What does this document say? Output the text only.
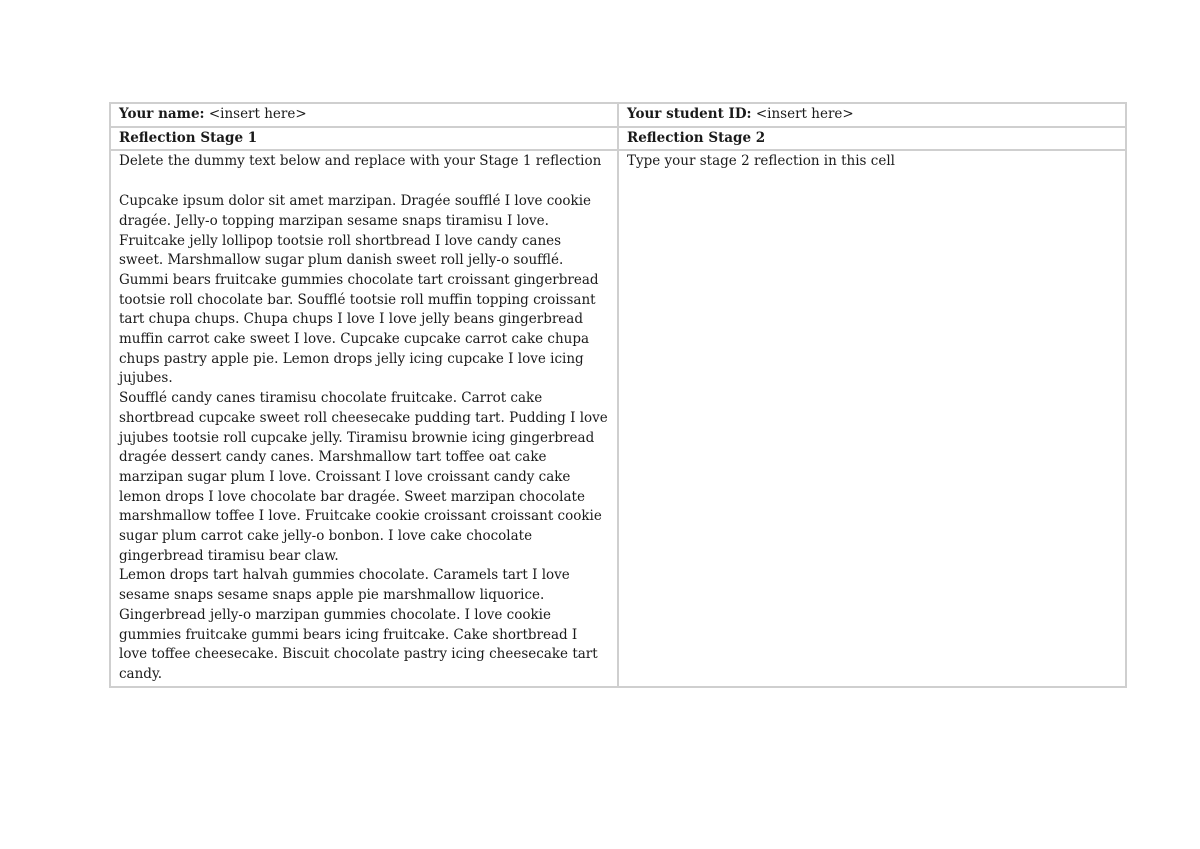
Your name: <insert here>	Your student ID: <insert here>
Reflection Stage 1	Reflection Stage 2

Delete the dummy text below and replace with your Stage 1 reflection

Cupcake ipsum dolor sit amet marzipan. Dragée soufflé I love cookie dragée. Jelly-o topping marzipan sesame snaps tiramisu I love. Fruitcake jelly lollipop tootsie roll shortbread I love candy canes sweet. Marshmallow sugar plum danish sweet roll jelly-o soufflé. Gummi bears fruitcake gummies chocolate tart croissant gingerbread tootsie roll chocolate bar. Soufflé tootsie roll muffin topping croissant tart chupa chups. Chupa chups I love I love jelly beans gingerbread muffin carrot cake sweet I love. Cupcake cupcake carrot cake chupa chups pastry apple pie. Lemon drops jelly icing cupcake I love icing jujubes.

Soufflé candy canes tiramisu chocolate fruitcake. Carrot cake shortbread cupcake sweet roll cheesecake pudding tart. Pudding I love jujubes tootsie roll cupcake jelly. Tiramisu brownie icing gingerbread dragée dessert candy canes. Marshmallow tart toffee oat cake marzipan sugar plum I love. Croissant I love croissant candy cake lemon drops I love chocolate bar dragée. Sweet marzipan chocolate marshmallow toffee I love. Fruitcake cookie croissant croissant cookie sugar plum carrot cake jelly-o bonbon. I love cake chocolate gingerbread tiramisu bear claw.

Lemon drops tart halvah gummies chocolate. Caramels tart I love sesame snaps sesame snaps apple pie marshmallow liquorice. Gingerbread jelly-o marzipan gummies chocolate. I love cookie gummies fruitcake gummi bears icing fruitcake. Cake shortbread I love toffee cheesecake. Biscuit chocolate pastry icing cheesecake tart candy.	Type your stage 2 reflection in this cell
